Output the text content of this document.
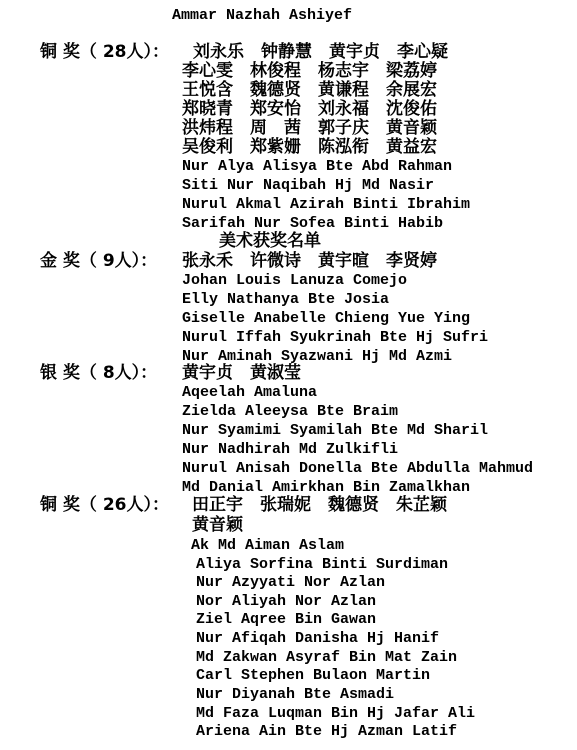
Ammar Nazhah Ashiyef
铜 奖（ 28人）： 刘永乐　钟静慧　黄宇贞　李心疑
李心雯　林俊程　杨志宇　梁荔婷
王悦含　魏德贤　黄谦程　余展宏
郑晓青　郑安怡　刘永福　沈俊佑
洪炜程　周　茜　郭子庆　黄音颖
吴俊利　郑紫姗　陈泓衔　黄益宏
Nur Alya Alisya Bte Abd Rahman
Siti Nur Naqibah Hj Md Nasir
Nurul Akmal Azirah Binti Ibrahim
Sarifah Nur Sofea Binti Habib
美术获奖名单
金 奖（ 9人）： 张永禾　许微诗　黄宇暄　李贤婷
Johan Louis Lanuza Comejo
Elly Nathanya Bte Josia
Giselle Anabelle Chieng Yue Ying
Nurul Iffah Syukrinah Bte Hj Sufri
Nur Aminah Syazwani Hj Md Azmi
银 奖（ 8人）： 黄宇贞　黄淑莹
Aqeelah Amaluna
Zielda Aleeysa Bte Braim
Nur Syamimi Syamilah Bte Md Sharil
Nur Nadhirah Md Zulkifli
Nurul Anisah Donella Bte Abdulla Mahmud
Md Danial Amirkhan Bin Zamalkhan
铜 奖（ 26人）： 田正宇　张瑞妮　魏德贤　朱芷颖
黄音颖
Ak Md Aiman Aslam
Aliya Sorfina Binti Surdiman
Nur Azyyati Nor Azlan
Nor Aliyah Nor Azlan
Ziel Aqree Bin Gawan
Nur Afiqah Danisha Hj Hanif
Md Zakwan Asyraf Bin Mat Zain
Carl Stephen Bulaon Martin
Nur Diyanah Bte Asmadi
Md Faza Luqman Bin Hj Jafar Ali
Ariena Ain Bte Hj Azman Latif
